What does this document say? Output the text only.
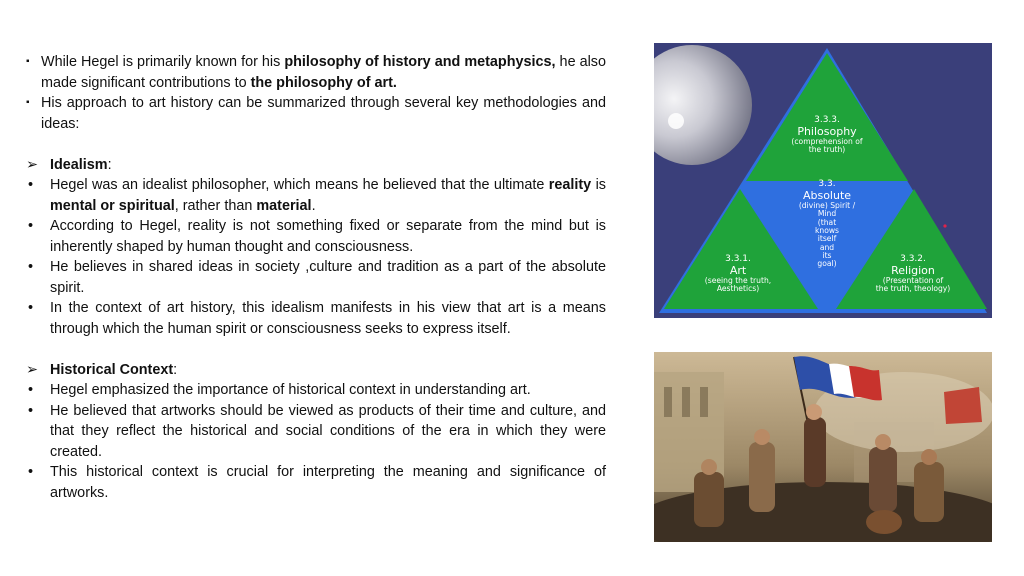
▪ While Hegel is primarily known for his philosophy of history and metaphysics, he also made significant contributions to the philosophy of art.
▪ His approach to art history can be summarized through several key methodologies and ideas:
➢ Idealism:
• Hegel was an idealist philosopher, which means he believed that the ultimate reality is mental or spiritual, rather than material.
• According to Hegel, reality is not something fixed or separate from the mind but is inherently shaped by human thought and consciousness.
• He believes in shared ideas in society ,culture and tradition as a part of the absolute spirit.
• In the context of art history, this idealism manifests in his view that art is a means through which the human spirit or consciousness seeks to express itself.
➢ Historical Context:
• Hegel emphasized the importance of historical context in understanding art.
• He believed that artworks should be viewed as products of their time and culture, and that they reflect the historical and social conditions of the era in which they were created.
• This historical context is crucial for interpreting the meaning and significance of artworks.
3.3.3.
Philosophy
(comprehension of
the truth)
3.3.
Absolute
(divine) Spirit /
Mind
(that
knows
itself
and
its
goal)
3.3.1.
Art
(seeing the truth,
Aesthetics)
3.3.2.
Religion
(Presentation of
the truth, theology)
